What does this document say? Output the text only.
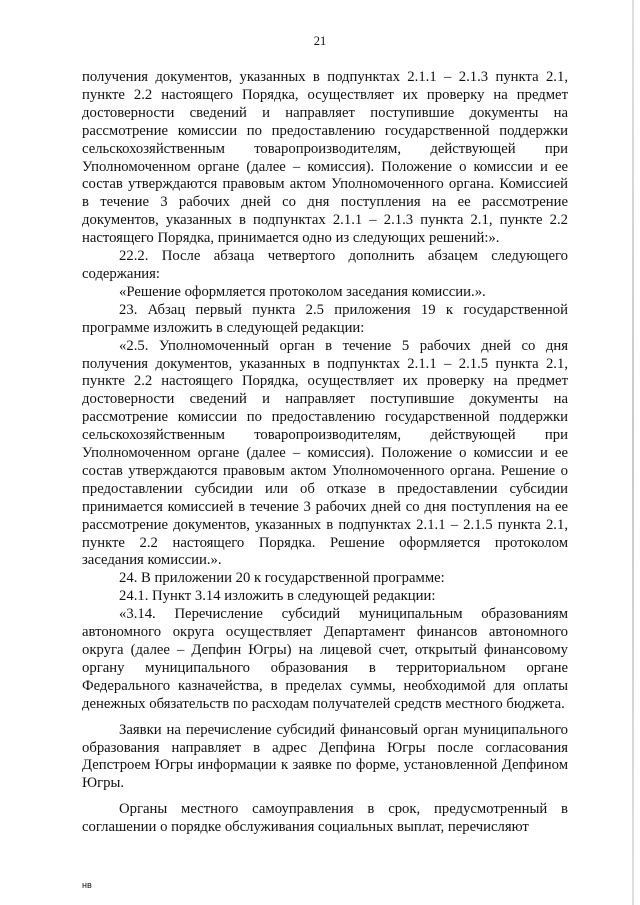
21

получения документов, указанных в подпунктах 2.1.1 – 2.1.3 пункта 2.1, пункте 2.2 настоящего Порядка, осуществляет их проверку на предмет достоверности сведений и направляет поступившие документы на рассмотрение комиссии по предоставлению государственной поддержки сельскохозяйственным товаропроизводителям, действующей при Уполномоченном органе (далее – комиссия). Положение о комиссии и ее состав утверждаются правовым актом Уполномоченного органа. Комиссией в течение 3 рабочих дней со дня поступления на ее рассмотрение документов, указанных в подпунктах 2.1.1 – 2.1.3 пункта 2.1, пункте 2.2 настоящего Порядка, принимается одно из следующих решений:».

22.2. После абзаца четвертого дополнить абзацем следующего содержания:

«Решение оформляется протоколом заседания комиссии.».

23. Абзац первый пункта 2.5 приложения 19 к государственной программе изложить в следующей редакции:

«2.5. Уполномоченный орган в течение 5 рабочих дней со дня получения документов, указанных в подпунктах 2.1.1 – 2.1.5 пункта 2.1, пункте 2.2 настоящего Порядка, осуществляет их проверку на предмет достоверности сведений и направляет поступившие документы на рассмотрение комиссии по предоставлению государственной поддержки сельскохозяйственным товаропроизводителям, действующей при Уполномоченном органе (далее – комиссия). Положение о комиссии и ее состав утверждаются правовым актом Уполномоченного органа. Решение о предоставлении субсидии или об отказе в предоставлении субсидии принимается комиссией в течение 3 рабочих дней со дня поступления на ее рассмотрение документов, указанных в подпунктах 2.1.1 – 2.1.5 пункта 2.1, пункте 2.2 настоящего Порядка. Решение оформляется протоколом заседания комиссии.».

24. В приложении 20 к государственной программе:

24.1. Пункт 3.14 изложить в следующей редакции:

«3.14. Перечисление субсидий муниципальным образованиям автономного округа осуществляет Департамент финансов автономного округа (далее – Депфин Югры) на лицевой счет, открытый финансовому органу муниципального образования в территориальном органе Федерального казначейства, в пределах суммы, необходимой для оплаты денежных обязательств по расходам получателей средств местного бюджета.

Заявки на перечисление субсидий финансовый орган муниципального образования направляет в адрес Депфина Югры после согласования Депстроем Югры информации к заявке по форме, установленной Депфином Югры.

Органы местного самоуправления в срок, предусмотренный в соглашении о порядке обслуживания социальных выплат, перечисляют

нв
